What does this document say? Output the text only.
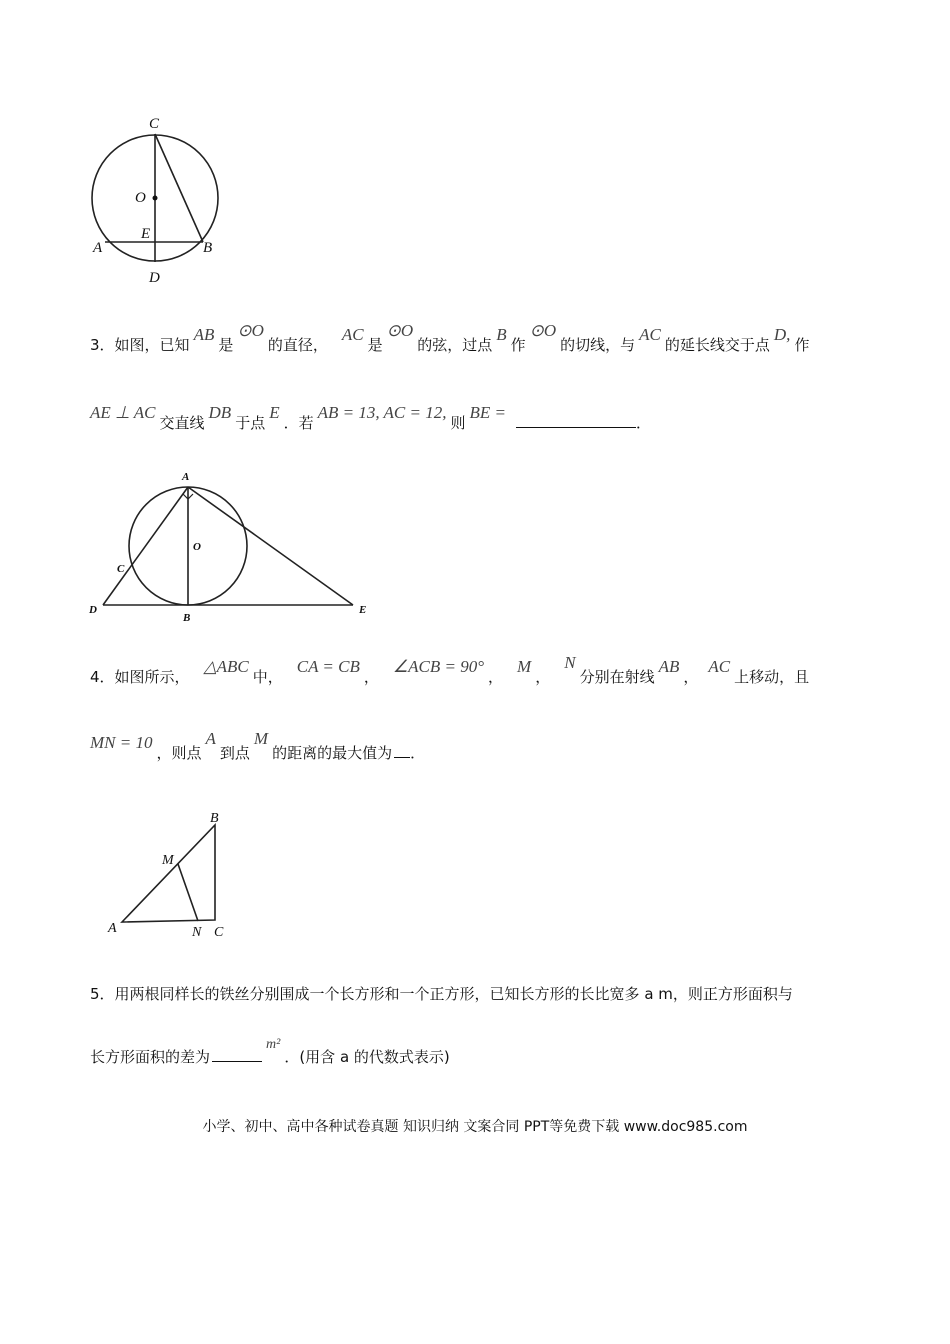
C
O
E
A	B
D
3．如图，已知AB是⊙O的直径，AC是⊙O的弦，过点B作⊙O的切线，与AC的延长线交于点D,作
AE ⊥ AC交直线DB于点E．若AB = 13, AC = 12,则BE =．
A
O
C
D
B
E
4．如图所示，△ABC中，CA = CB，∠ACB = 90°，M，N分别在射线AB，AC上移动，且
MN = 10，则点A到点M的距离的最大值为 ．
B
M
A	N C
5．用两根同样长的铁丝分别围成一个长方形和一个正方形，已知长方形的长比宽多 a m，则正方形面积与
长方形面积的差为m²．(用含 a 的代数式表示)
小学、初中、高中各种试卷真题 知识归纳 文案合同 PPT等免费下载 www.doc985.com
